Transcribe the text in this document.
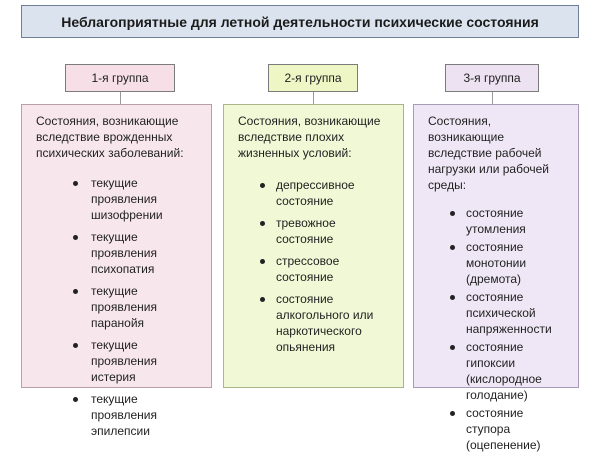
Неблагоприятные для летной деятельности психические состояния
1-я группа
Состояния, возникающие вследствие врожденных психических заболеваний:
текущие проявления шизофрении
текущие проявления психопатия
текущие проявления паранойя
текущие проявления истерия
текущие проявления эпилепсии
2-я группа
Состояния, возникающие вследствие плохих жизненных условий:
депрессивное состояние
тревожное состояние
стрессовое состояние
состояние алкогольного или наркотического опьянения
3-я группа
Состояния, возникающие вследствие рабочей нагрузки или рабочей среды:
состояние утомления
состояние монотонии (дремота)
состояние психической напряженности
состояние гипоксии (кислородное голодание)
состояние ступора (оцепенение)
